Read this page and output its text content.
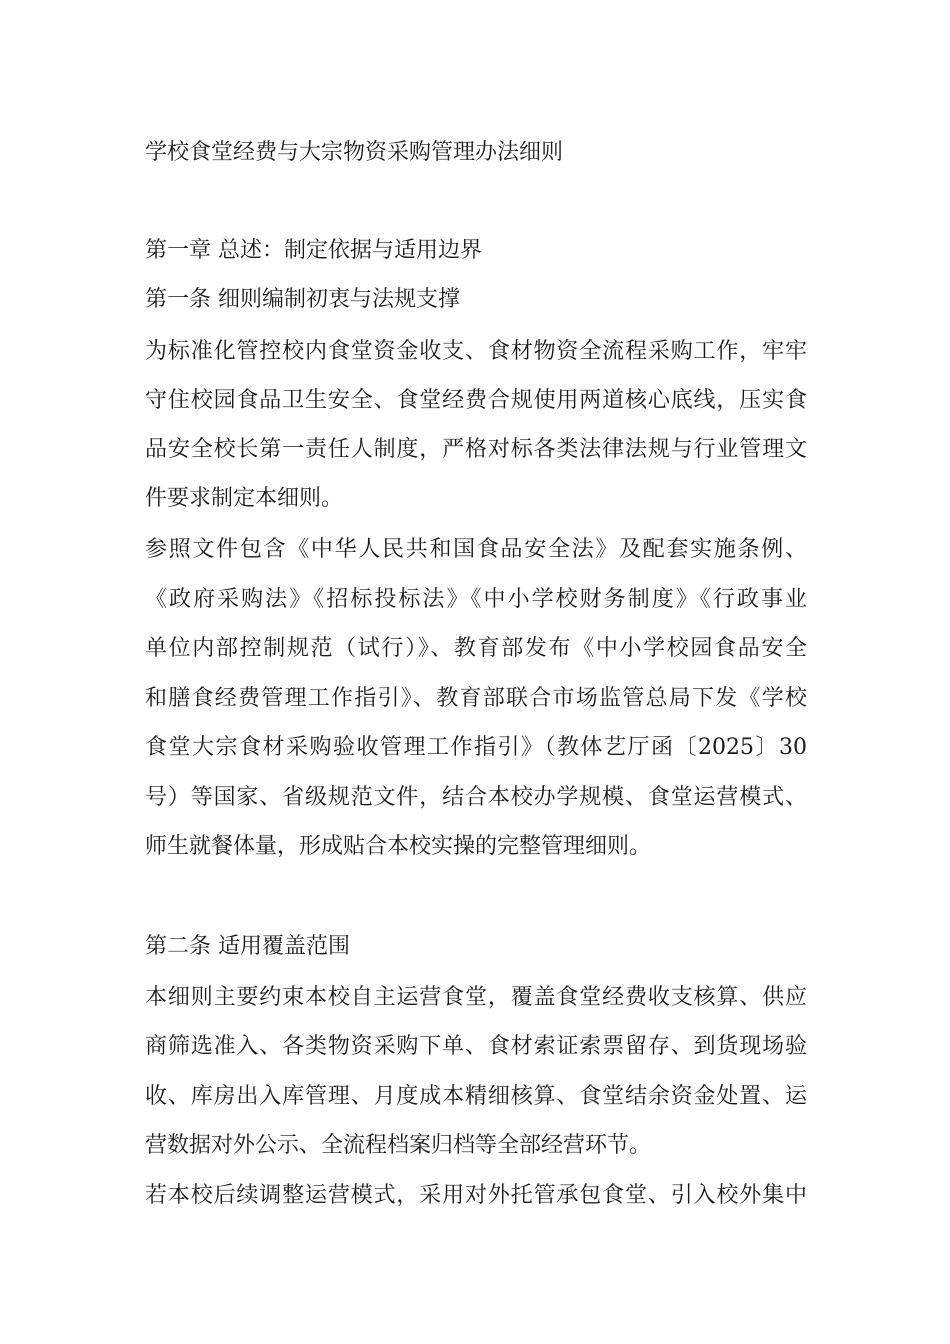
学校食堂经费与大宗物资采购管理办法细则
第一章 总述：制定依据与适用边界
第一条 细则编制初衷与法规支撑
为标准化管控校内食堂资金收支、食材物资全流程采购工作，牢牢
守住校园食品卫生安全、食堂经费合规使用两道核心底线，压实食
品安全校长第一责任人制度，严格对标各类法律法规与行业管理文
件要求制定本细则。
参照文件包含《中华人民共和国食品安全法》及配套实施条例、
《政府采购法》《招标投标法》《中小学校财务制度》《行政事业
单位内部控制规范（试行）》、教育部发布《中小学校园食品安全
和膳食经费管理工作指引》、教育部联合市场监管总局下发《学校
食堂大宗食材采购验收管理工作指引》（教体艺厅函〔2025〕30
号）等国家、省级规范文件，结合本校办学规模、食堂运营模式、
师生就餐体量，形成贴合本校实操的完整管理细则。
第二条 适用覆盖范围
本细则主要约束本校自主运营食堂，覆盖食堂经费收支核算、供应
商筛选准入、各类物资采购下单、食材索证索票留存、到货现场验
收、库房出入库管理、月度成本精细核算、食堂结余资金处置、运
营数据对外公示、全流程档案归档等全部经营环节。
若本校后续调整运营模式，采用对外托管承包食堂、引入校外集中
